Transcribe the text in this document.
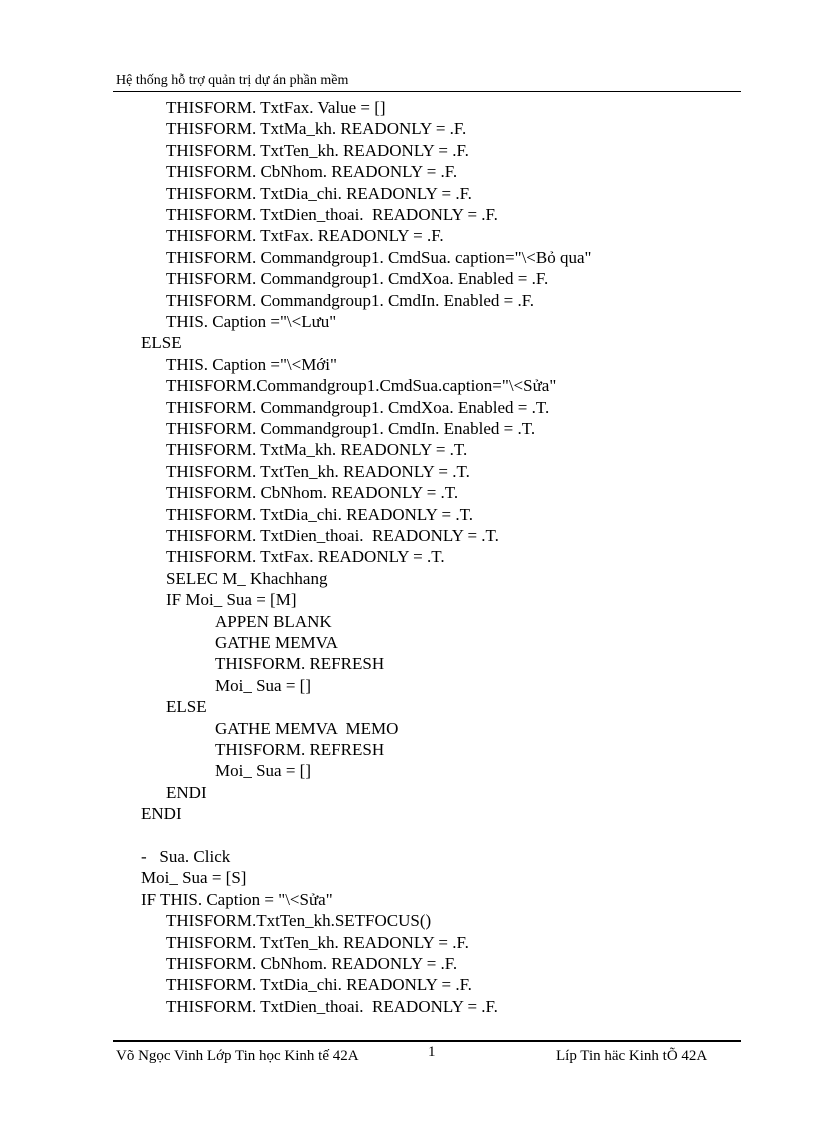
Hệ thống hỗ trợ quản trị dự án phần mềm
THISFORM. TxtFax. Value = []
THISFORM. TxtMa_kh. READONLY = .F.
THISFORM. TxtTen_kh. READONLY = .F.
THISFORM. CbNhom. READONLY = .F.
THISFORM. TxtDia_chi. READONLY = .F.
THISFORM. TxtDien_thoai.  READONLY = .F.
THISFORM. TxtFax. READONLY = .F.
THISFORM. Commandgroup1. CmdSua. caption="\<Bỏ qua"
THISFORM. Commandgroup1. CmdXoa. Enabled = .F.
THISFORM. Commandgroup1. CmdIn. Enabled = .F.
THIS. Caption ="\<Lưu"
ELSE
THIS. Caption ="\<Mới"
THISFORM.Commandgroup1.CmdSua.caption="\<Sửa"
THISFORM. Commandgroup1. CmdXoa. Enabled = .T.
THISFORM. Commandgroup1. CmdIn. Enabled = .T.
THISFORM. TxtMa_kh. READONLY = .T.
THISFORM. TxtTen_kh. READONLY = .T.
THISFORM. CbNhom. READONLY = .T.
THISFORM. TxtDia_chi. READONLY = .T.
THISFORM. TxtDien_thoai.  READONLY = .T.
THISFORM. TxtFax. READONLY = .T.
SELEC M_ Khachhang
IF Moi_ Sua = [M]
APPEN BLANK
GATHE MEMVA
THISFORM. REFRESH
Moi_ Sua = []
ELSE
GATHE MEMVA  MEMO
THISFORM. REFRESH
Moi_ Sua = []
ENDI
ENDI
-   Sua. Click
Moi_ Sua = [S]
IF THIS. Caption = "\<Sửa"
THISFORM.TxtTen_kh.SETFOCUS()
THISFORM. TxtTen_kh. READONLY = .F.
THISFORM. CbNhom. READONLY = .F.
THISFORM. TxtDia_chi. READONLY = .F.
THISFORM. TxtDien_thoai.  READONLY = .F.
Võ Ngọc Vinh Lớp Tin học Kinh tế 42A	1	Líp Tin häc Kinh tÕ 42A
